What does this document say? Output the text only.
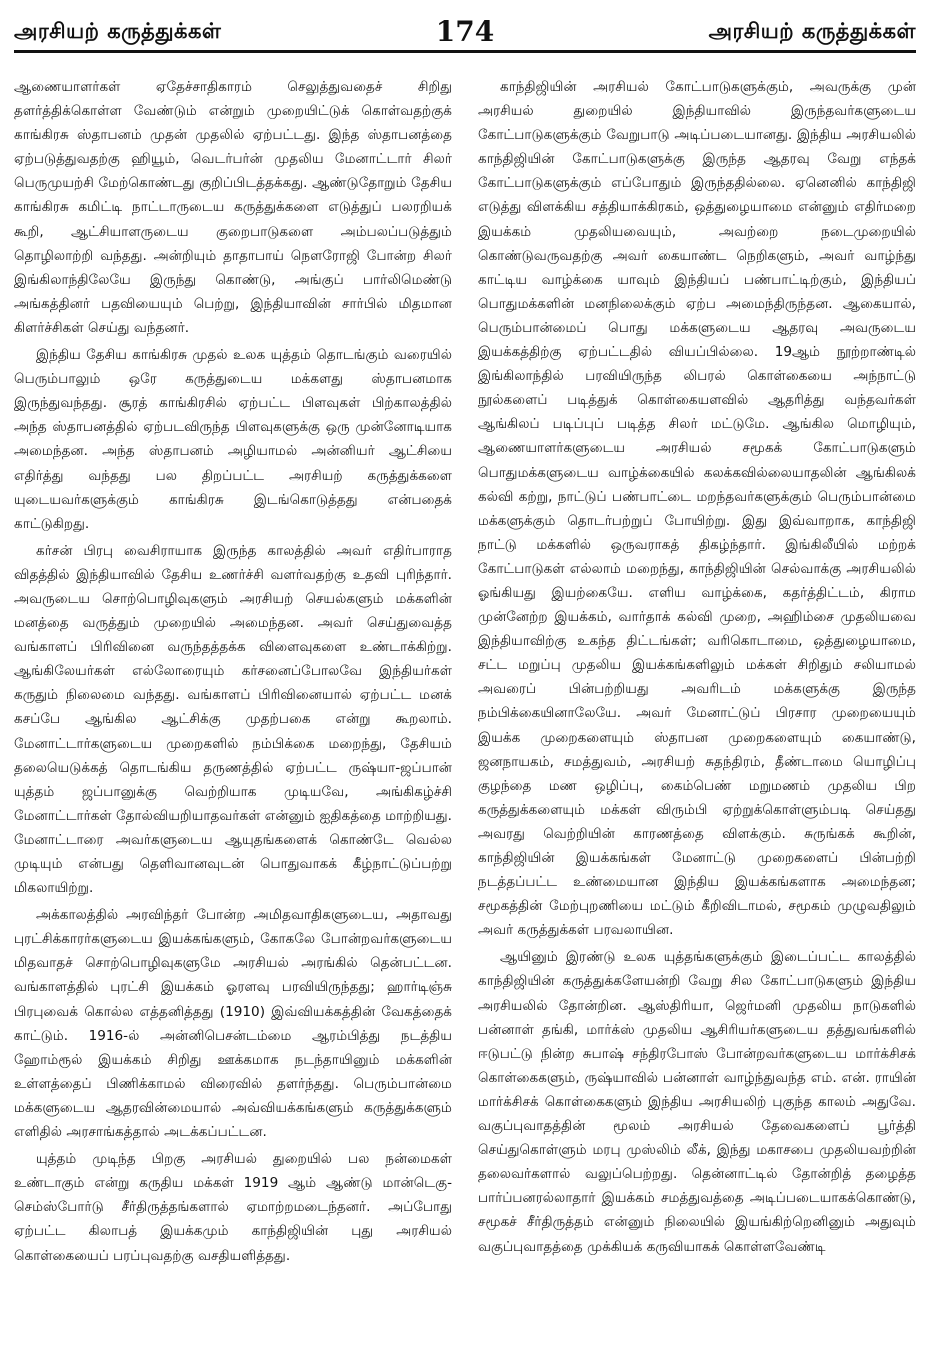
அரசியற் கருத்துக்கள்	174	அரசியற் கருத்துக்கள்

ஆணையாளர்கள் ஏதேச்சாதிகாரம் செலுத்துவதைச் சிறிது தளர்த்திக்கொள்ள வேண்டும் என்றும் முறையிட்டுக் கொள்வதற்குக் காங்கிரசு ஸ்தாபனம் முதன் முதலில் ஏற்பட்டது. இந்த ஸ்தாபனத்தை ஏற்படுத்துவதற்கு ஹியூம், வெடர்பர்ன் முதலிய மேனாட்டார் சிலர் பெருமுயற்சி மேற்கொண்டது குறிப்பிடத்தக்கது. ஆண்டுதோறும் தேசிய காங்கிரசு கமிட்டி நாட்டாருடைய கருத்துக்களை எடுத்துப் பலரறியக் கூறி, ஆட்சியாளருடைய குறைபாடுகளை அம்பலப்படுத்தும் தொழிலாற்றி வந்தது. அன்றியும் தாதாபாய் நௌரோஜி போன்ற சிலர் இங்கிலாந்திலேயே இருந்து கொண்டு, அங்குப் பார்லிமெண்டு அங்கத்தினர் பதவியையும் பெற்று, இந்தியாவின் சார்பில் மிதமான கிளர்ச்சிகள் செய்து வந்தனர்.

இந்திய தேசிய காங்கிரசு முதல் உலக யுத்தம் தொடங்கும் வரையில் பெரும்பாலும் ஒரே கருத்துடைய மக்களது ஸ்தாபனமாக இருந்துவந்தது. சூரத் காங்கிரசில் ஏற்பட்ட பிளவுகள் பிற்காலத்தில் அந்த ஸ்தாபனத்தில் ஏற்படவிருந்த பிளவுகளுக்கு ஒரு முன்னோடியாக அமைந்தன. அந்த ஸ்தாபனம் அழியாமல் அன்னியர் ஆட்சியை எதிர்த்து வந்தது பல திறப்பட்ட அரசியற் கருத்துக்களை யுடையவர்களுக்கும் காங்கிரசு இடங்கொடுத்தது என்பதைக் காட்டுகிறது.

கர்சன் பிரபு வைசிராயாக இருந்த காலத்தில் அவர் எதிர்பாராத விதத்தில் இந்தியாவில் தேசிய உணர்ச்சி வளர்வதற்கு உதவி புரிந்தார். அவருடைய சொற்பொழிவுகளும் அரசியற் செயல்களும் மக்களின் மனத்தை வருத்தும் முறையில் அமைந்தன. அவர் செய்துவைத்த வங்காளப் பிரிவினை வருந்தத்தக்க விளைவுகளை உண்டாக்கிற்று. ஆங்கிலேயர்கள் எல்லோரையும் கர்சனைப்போலவே இந்தியர்கள் கருதும் நிலைமை வந்தது. வங்காளப் பிரிவினையால் ஏற்பட்ட மனக் கசப்பே ஆங்கில ஆட்சிக்கு முதற்பகை என்று கூறலாம். மேனாட்டார்களுடைய முறைகளில் நம்பிக்கை மறைந்து, தேசியம் தலையெடுக்கத் தொடங்கிய தருணத்தில் ஏற்பட்ட ருஷ்யா-ஜப்பான் யுத்தம் ஜப்பானுக்கு வெற்றியாக முடியவே, அங்கிகழ்ச்சி மேனாட்டார்கள் தோல்வியறியாதவர்கள் என்னும் ஐதிகத்தை மாற்றியது. மேனாட்டாரை அவர்களுடைய ஆயுதங்களைக் கொண்டே வெல்ல முடியும் என்பது தெளிவானவுடன் பொதுவாகக் கீழ்நாட்டுப்பற்று மிகலாயிற்று.

அக்காலத்தில் அரவிந்தர் போன்ற அமிதவாதிகளுடைய, அதாவது புரட்சிக்காரர்களுடைய இயக்கங்களும், கோகலே போன்றவர்களுடைய மிதவாதச் சொற்பொழிவுகளுமே அரசியல் அரங்கில் தென்பட்டன. வங்காளத்தில் புரட்சி இயக்கம் ஓரளவு பரவியிருந்தது; ஹார்டிஞ்சு பிரபுவைக் கொல்ல எத்தனித்தது (1910) இவ்வியக்கத்தின் வேகத்தைக் காட்டும். 1916-ல் அன்னிபெசன்டம்மை ஆரம்பித்து நடத்திய ஹோம்ரூல் இயக்கம் சிறிது ஊக்கமாக நடந்தாயினும் மக்களின் உள்ளத்தைப் பிணிக்காமல் விரைவில் தளர்ந்தது. பெரும்பான்மை மக்களுடைய ஆதரவின்மையால் அவ்வியக்கங்களும் கருத்துக்களும் எளிதில் அரசாங்கத்தால் அடக்கப்பட்டன.

யுத்தம் முடிந்த பிறகு அரசியல் துறையில் பல நன்மைகள் உண்டாகும் என்று கருதிய மக்கள் 1919 ஆம் ஆண்டு மான்டெகு-செம்ஸ்போர்டு சீர்திருத்தங்களால் ஏமாற்றமடைந்தனர். அப்போது ஏற்பட்ட கிலாபத் இயக்கமும் காந்திஜியின் புது அரசியல் கொள்கையைப் பரப்புவதற்கு வசதியளித்தது.

காந்திஜியின் அரசியல் கோட்பாடுகளுக்கும், அவருக்கு முன் அரசியல் துறையில் இந்தியாவில் இருந்தவர்களுடைய கோட்பாடுகளுக்கும் வேறுபாடு அடிப்படையானது. இந்திய அரசியலில் காந்திஜியின் கோட்பாடுகளுக்கு இருந்த ஆதரவு வேறு எந்தக் கோட்பாடுகளுக்கும் எப்போதும் இருந்ததில்லை. ஏனெனில் காந்திஜி எடுத்து விளக்கிய சத்தியாக்கிரகம், ஒத்துழையாமை என்னும் எதிர்மறை இயக்கம் முதலியவையும், அவற்றை நடைமுறையில் கொண்டுவருவதற்கு அவர் கையாண்ட நெறிகளும், அவர் வாழ்ந்து காட்டிய வாழ்க்கை யாவும் இந்தியப் பண்பாட்டிற்கும், இந்தியப் பொதுமக்களின் மனநிலைக்கும் ஏற்ப அமைந்திருந்தன. ஆகையால், பெரும்பான்மைப் பொது மக்களுடைய ஆதரவு அவருடைய இயக்கத்திற்கு ஏற்பட்டதில் வியப்பில்லை. 19ஆம் நூற்றாண்டில் இங்கிலாந்தில் பரவியிருந்த லிபரல் கொள்கையை அந்நாட்டு நூல்களைப் படித்துக் கொள்கையளவில் ஆதரித்து வந்தவர்கள் ஆங்கிலப் படிப்புப் படித்த சிலர் மட்டுமே. ஆங்கில மொழியும், ஆணையாளர்களுடைய அரசியல் சமூகக் கோட்பாடுகளும் பொதுமக்களுடைய வாழ்க்கையில் கலக்கவில்லையாதலின் ஆங்கிலக் கல்வி கற்று, நாட்டுப் பண்பாட்டை மறந்தவர்களுக்கும் பெரும்பான்மை மக்களுக்கும் தொடர்பற்றுப் போயிற்று. இது இவ்வாறாக, காந்திஜி நாட்டு மக்களில் ஒருவராகத் திகழ்ந்தார். இங்கிலீயில் மற்றக் கோட்பாடுகள் எல்லாம் மறைந்து, காந்திஜியின் செல்வாக்கு அரசியலில் ஓங்கியது இயற்கையே. எளிய வாழ்க்கை, கதர்த்திட்டம், கிராம முன்னேற்ற இயக்கம், வார்தாக் கல்வி முறை, அஹிம்சை முதலியவை இந்தியாவிற்கு உகந்த திட்டங்கள்; வரிகொடாமை, ஒத்துழையாமை, சட்ட மறுப்பு முதலிய இயக்கங்களிலும் மக்கள் சிறிதும் சலியாமல் அவரைப் பின்பற்றியது அவரிடம் மக்களுக்கு இருந்த நம்பிக்கையினாலேயே. அவர் மேனாட்டுப் பிரசார முறையையும் இயக்க முறைகளையும் ஸ்தாபன முறைகளையும் கையாண்டு, ஜனநாயகம், சமத்துவம், அரசியற் சுதந்திரம், தீண்டாமை யொழிப்பு குழந்தை மண ஒழிப்பு, கைம்பெண் மறுமணம் முதலிய பிற கருத்துக்களையும் மக்கள் விரும்பி ஏற்றுக்கொள்ளும்படி செய்தது அவரது வெற்றியின் காரணத்தை விளக்கும். சுருங்கக் கூறின், காந்திஜியின் இயக்கங்கள் மேனாட்டு முறைகளைப் பின்பற்றி நடத்தப்பட்ட உண்மையான இந்திய இயக்கங்களாக அமைந்தன; சமூகத்தின் மேற்புறணியை மட்டும் கீறிவிடாமல், சமூகம் முழுவதிலும் அவர் கருத்துக்கள் பரவலாயின.

ஆயினும் இரண்டு உலக யுத்தங்களுக்கும் இடைப்பட்ட காலத்தில் காந்திஜியின் கருத்துக்களேயன்றி வேறு சில கோட்பாடுகளும் இந்திய அரசியலில் தோன்றின. ஆஸ்திரியா, ஜெர்மனி முதலிய நாடுகளில் பன்னாள் தங்கி, மார்க்ஸ் முதலிய ஆசிரியர்களுடைய தத்துவங்களில் ஈடுபட்டு நின்ற சுபாஷ் சந்திரபோஸ் போன்றவர்களுடைய மார்க்சிசக் கொள்கைகளும், ருஷ்யாவில் பன்னாள் வாழ்ந்துவந்த எம். என். ராயின் மார்க்சிசக் கொள்கைகளும் இந்திய அரசியலிற் புகுந்த காலம் அதுவே. வகுப்புவாதத்தின் மூலம் அரசியல் தேவைகளைப் பூர்த்தி செய்துகொள்ளும் மரபு முஸ்லிம் லீக், இந்து மகாசபை முதலியவற்றின் தலைவர்களால் வலுப்பெற்றது. தென்னாட்டில் தோன்றித் தழைத்த பார்ப்பனரல்லாதார் இயக்கம் சமத்துவத்தை அடிப்படையாகக்கொண்டு, சமூகச் சீர்திருத்தம் என்னும் நிலையில் இயங்கிற்றெனினும் அதுவும் வகுப்புவாதத்தை முக்கியக் கருவியாகக் கொள்ளவேண்டி
